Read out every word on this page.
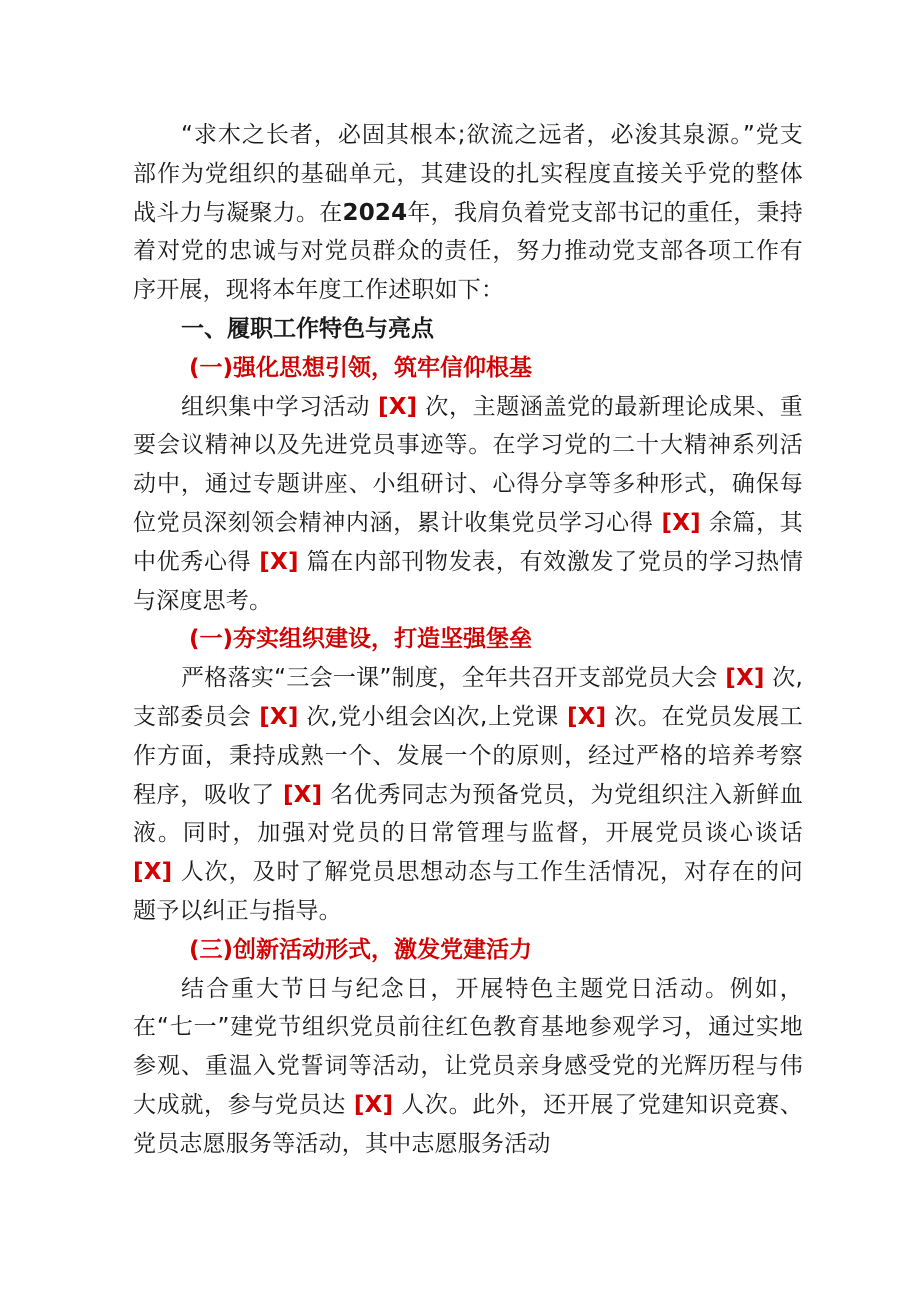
“求木之长者，必固其根本;欲流之远者，必浚其泉源。”党支部作为党组织的基础单元，其建设的扎实程度直接关乎党的整体战斗力与凝聚力。在2024年，我肩负着党支部书记的重任，秉持着对党的忠诚与对党员群众的责任，努力推动党支部各项工作有序开展，现将本年度工作述职如下：

一、履职工作特色与亮点

(一)强化思想引领，筑牢信仰根基

组织集中学习活动 [X] 次，主题涵盖党的最新理论成果、重要会议精神以及先进党员事迹等。在学习党的二十大精神系列活动中，通过专题讲座、小组研讨、心得分享等多种形式，确保每位党员深刻领会精神内涵，累计收集党员学习心得 [X] 余篇，其中优秀心得 [X] 篇在内部刊物发表，有效激发了党员的学习热情与深度思考。

(一)夯实组织建设，打造坚强堡垒

严格落实“三会一课”制度，全年共召开支部党员大会 [X] 次,支部委员会 [X] 次,党小组会凶次,上党课 [X] 次。在党员发展工作方面，秉持成熟一个、发展一个的原则，经过严格的培养考察程序，吸收了 [X] 名优秀同志为预备党员，为党组织注入新鲜血液。同时，加强对党员的日常管理与监督，开展党员谈心谈话 [X] 人次，及时了解党员思想动态与工作生活情况，对存在的问题予以纠正与指导。

(三)创新活动形式，激发党建活力

结合重大节日与纪念日，开展特色主题党日活动。例如，在“七一”建党节组织党员前往红色教育基地参观学习，通过实地参观、重温入党誓词等活动，让党员亲身感受党的光辉历程与伟大成就，参与党员达 [X] 人次。此外，还开展了党建知识竞赛、党员志愿服务等活动，其中志愿服务活动
